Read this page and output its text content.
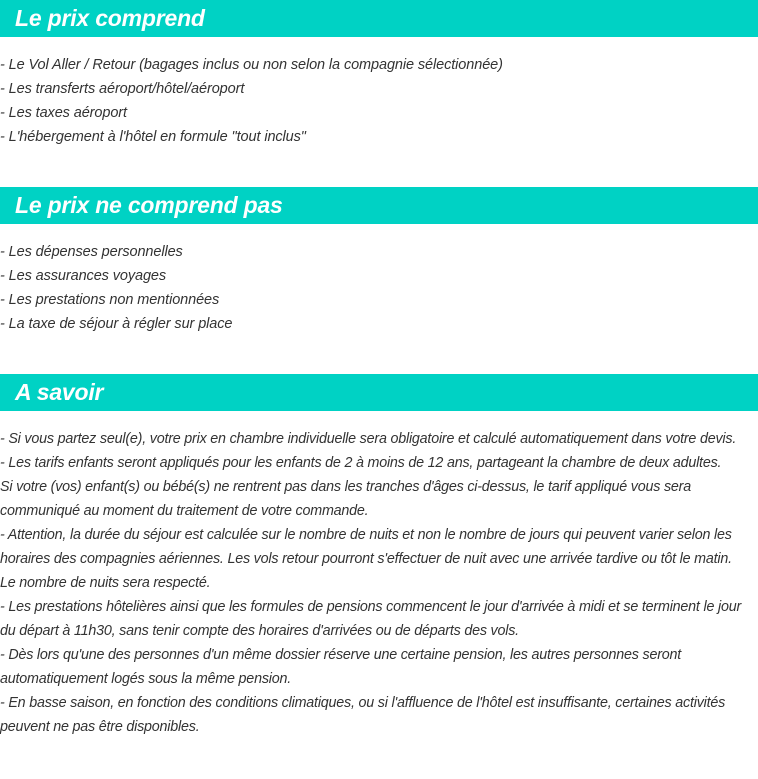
Le prix comprend
- Le Vol Aller / Retour (bagages inclus ou non selon la compagnie sélectionnée)
- Les transferts aéroport/hôtel/aéroport
- Les taxes aéroport
- L'hébergement à l'hôtel en formule "tout inclus"
Le prix ne comprend pas
- Les dépenses personnelles
- Les assurances voyages
- Les prestations non mentionnées
- La taxe de séjour à régler sur place
A savoir
- Si vous partez seul(e), votre prix en chambre individuelle sera obligatoire et calculé automatiquement dans votre devis.
- Les tarifs enfants seront appliqués pour les enfants de 2 à moins de 12 ans, partageant la chambre de deux adultes.
Si votre (vos) enfant(s) ou bébé(s) ne rentrent pas dans les tranches d'âges ci-dessus, le tarif appliqué vous sera
communiqué au moment du traitement de votre commande.
- Attention, la durée du séjour est calculée sur le nombre de nuits et non le nombre de jours qui peuvent varier selon les
horaires des compagnies aériennes. Les vols retour pourront s'effectuer de nuit avec une arrivée tardive ou tôt le matin.
Le nombre de nuits sera respecté.
- Les prestations hôtelières ainsi que les formules de pensions commencent le jour d'arrivée à midi et se terminent le jour
du départ à 11h30, sans tenir compte des horaires d'arrivées ou de départs des vols.
- Dès lors qu'une des personnes d'un même dossier réserve une certaine pension, les autres personnes seront
automatiquement logés sous la même pension.
- En basse saison, en fonction des conditions climatiques, ou si l'affluence de l'hôtel est insuffisante, certaines activités
peuvent ne pas être disponibles.
